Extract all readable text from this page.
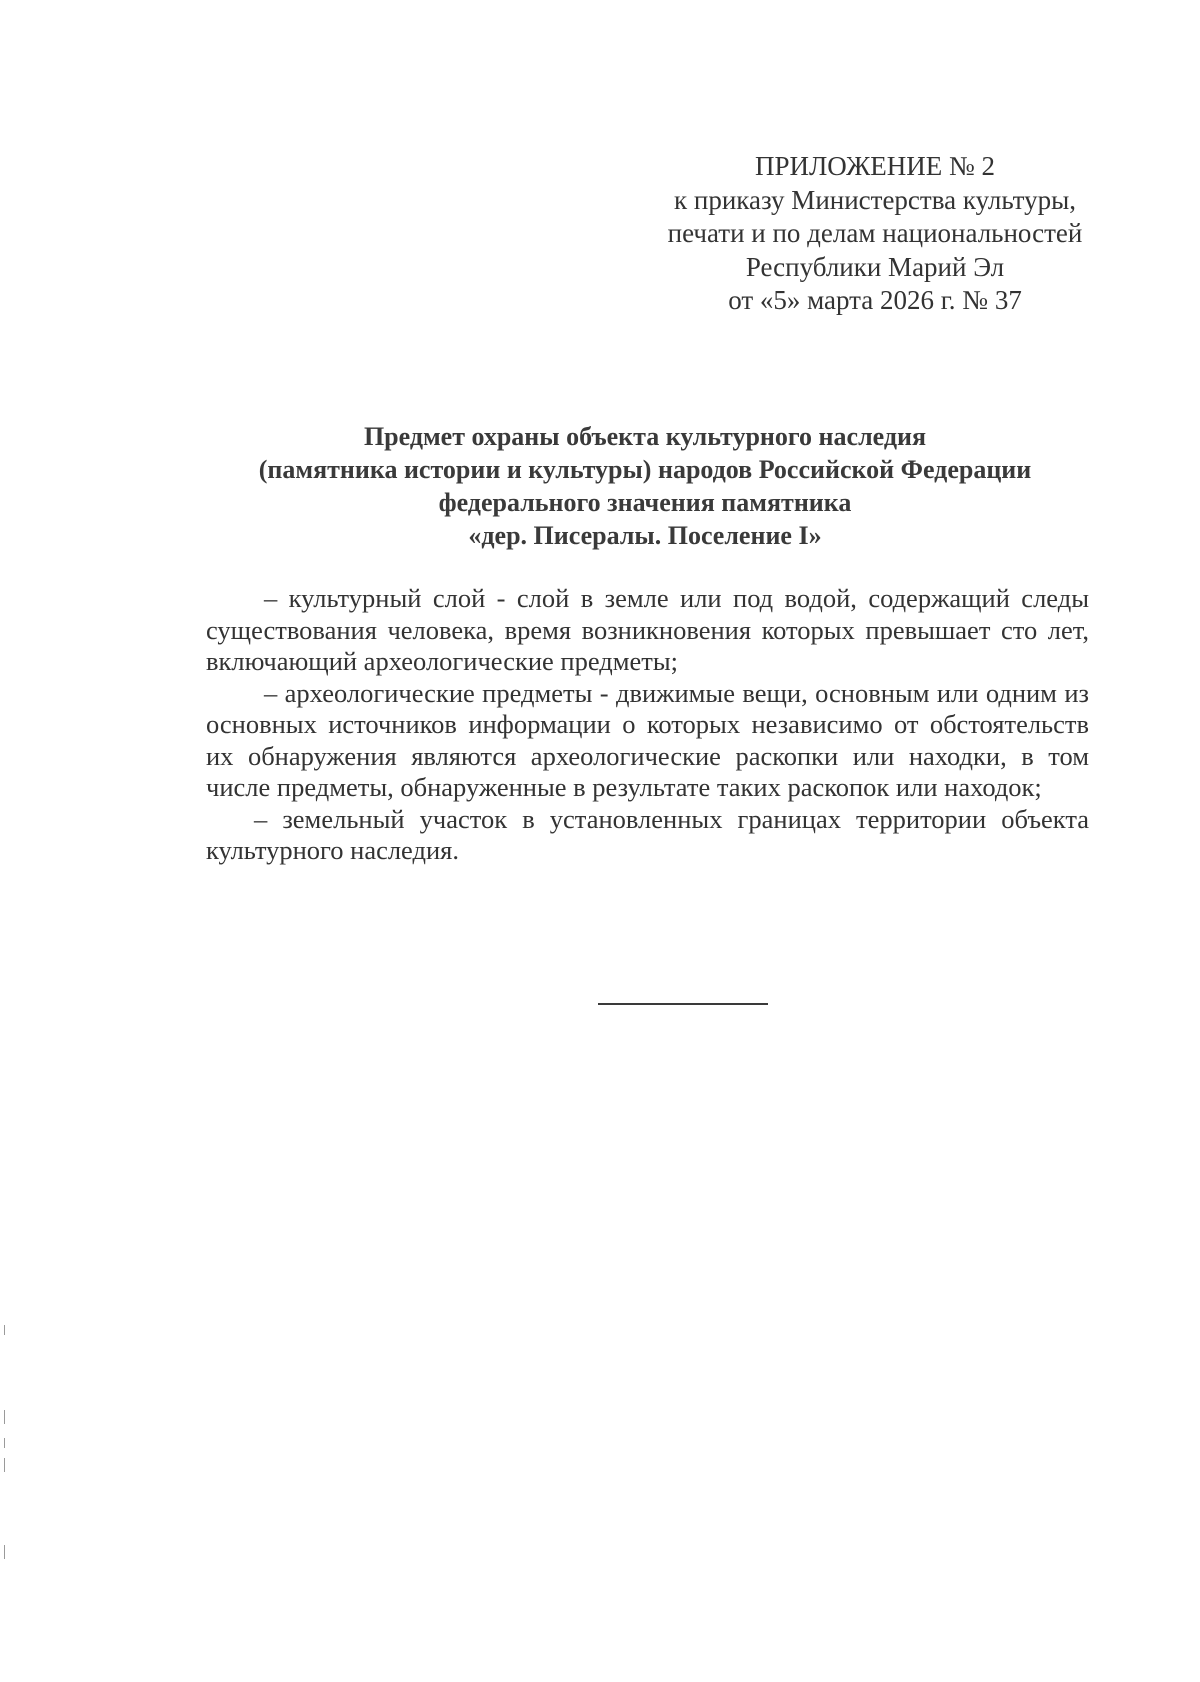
ПРИЛОЖЕНИЕ № 2
к приказу Министерства культуры,
печати и по делам национальностей
Республики Марий Эл
от «5» марта 2026 г. № 37
Предмет охраны объекта культурного наследия
(памятника истории и культуры) народов Российской Федерации
федерального значения памятника
«дер. Писералы. Поселение I»

– культурный слой - слой в земле или под водой, содержащий следы существования человека, время возникновения которых превышает сто лет, включающий археологические предметы;

– археологические предметы - движимые вещи, основным или одним из основных источников информации о которых независимо от обстоятельств их обнаружения являются археологические раскопки или находки, в том числе предметы, обнаруженные в результате таких раскопок или находок;

– земельный участок в установленных границах территории объекта культурного наследия.
